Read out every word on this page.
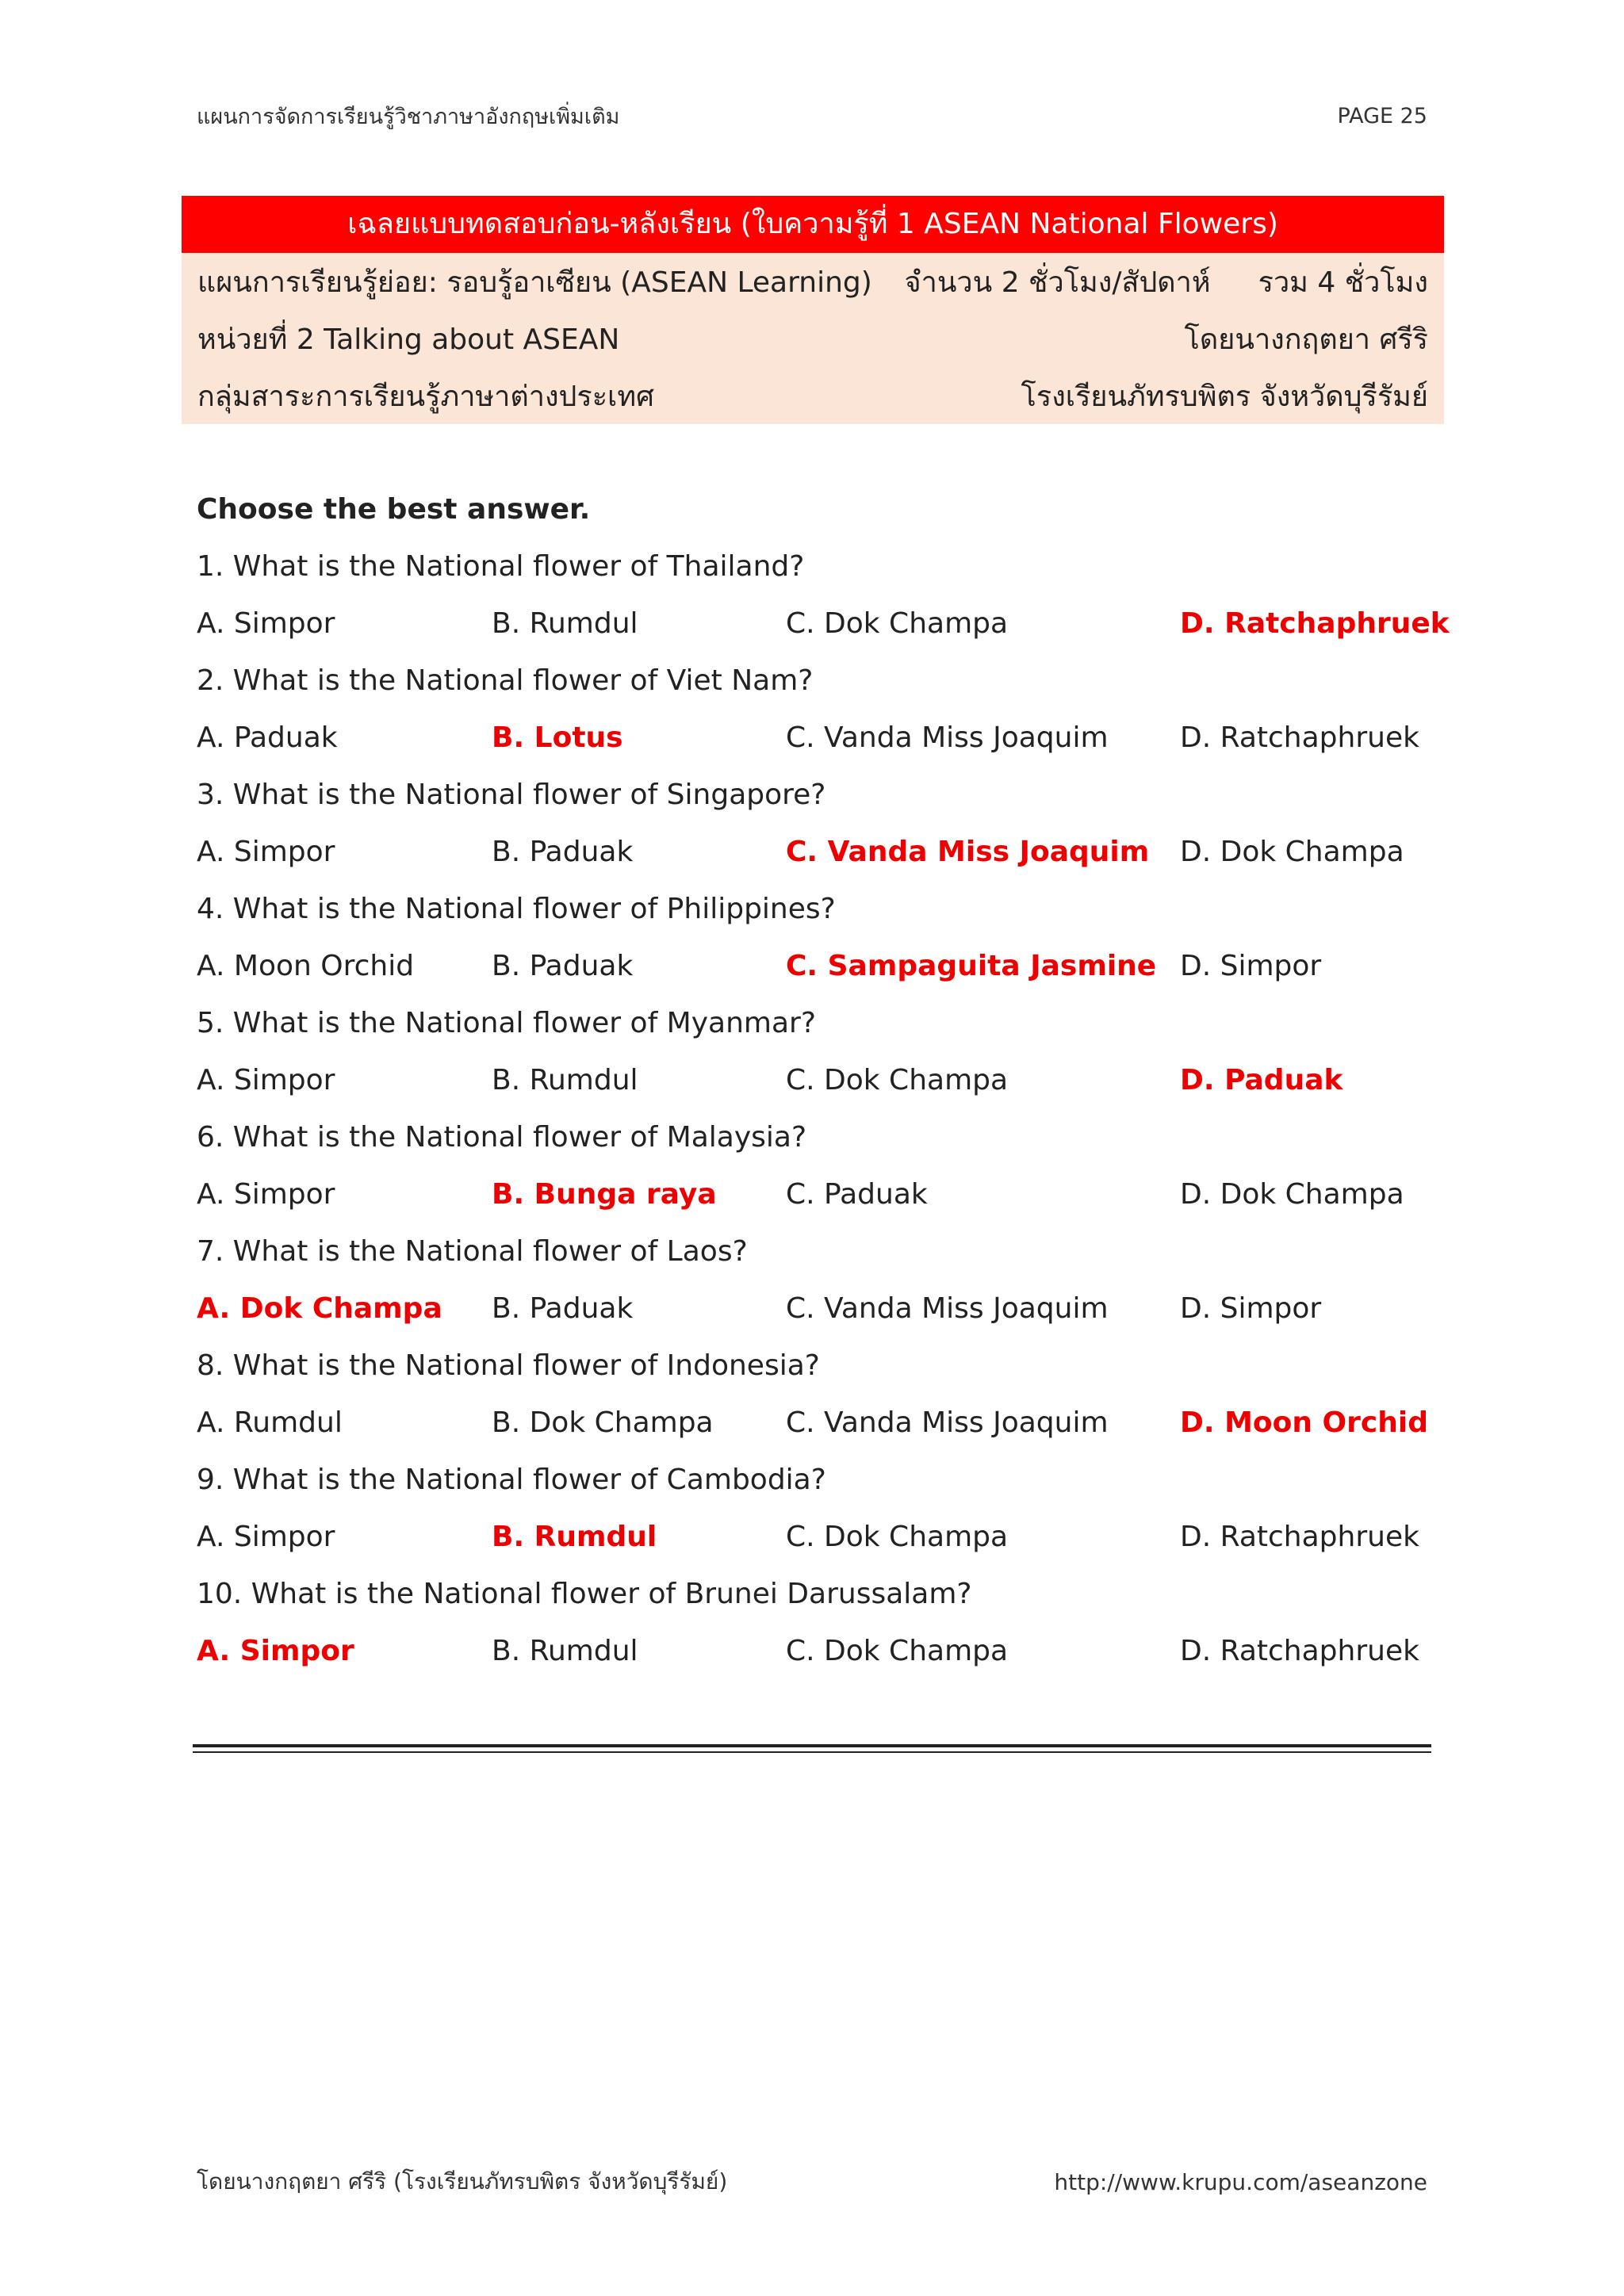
แผนการจัดการเรียนรู้วิชาภาษาอังกฤษเพิ่มเติม	PAGE 25
เฉลยแบบทดสอบก่อน-หลังเรียน (ใบความรู้ที่ 1 ASEAN National Flowers)
แผนการเรียนรู้ย่อย: รอบรู้อาเซียน (ASEAN Learning) จำนวน 2 ชั่วโมง/สัปดาห์ รวม 4 ชั่วโมง
หน่วยที่ 2 Talking about ASEAN	โดยนางกฤตยา ศรีริ
กลุ่มสาระการเรียนรู้ภาษาต่างประเทศ	โรงเรียนภัทรบพิตร จังหวัดบุรีรัมย์
Choose the best answer.
1. What is the National flower of Thailand?
A. Simpor	B. Rumdul	C. Dok Champa	D. Ratchaphruek
2. What is the National flower of Viet Nam?
A. Paduak	B. Lotus	C. Vanda Miss Joaquim	D. Ratchaphruek
3. What is the National flower of Singapore?
A. Simpor	B. Paduak	C. Vanda Miss Joaquim D. Dok Champa
4. What is the National flower of Philippines?
A. Moon Orchid	B. Paduak	C. Sampaguita Jasmine D. Simpor
5. What is the National flower of Myanmar?
A. Simpor	B. Rumdul	C. Dok Champa	D. Paduak
6. What is the National flower of Malaysia?
A. Simpor	B. Bunga raya C. Paduak	D. Dok Champa
7. What is the National flower of Laos?
A. Dok Champa B. Paduak	C. Vanda Miss Joaquim	D. Simpor
8. What is the National flower of Indonesia?
A. Rumdul	B. Dok Champa	C. Vanda Miss Joaquim	D. Moon Orchid
9. What is the National flower of Cambodia?
A. Simpor	B. Rumdul	C. Dok Champa	D. Ratchaphruek
10. What is the National flower of Brunei Darussalam?
A. Simpor	B. Rumdul	C. Dok Champa	D. Ratchaphruek
โดยนางกฤตยา ศรีริ (โรงเรียนภัทรบพิตร จังหวัดบุรีรัมย์)	http://www.krupu.com/aseanzone
